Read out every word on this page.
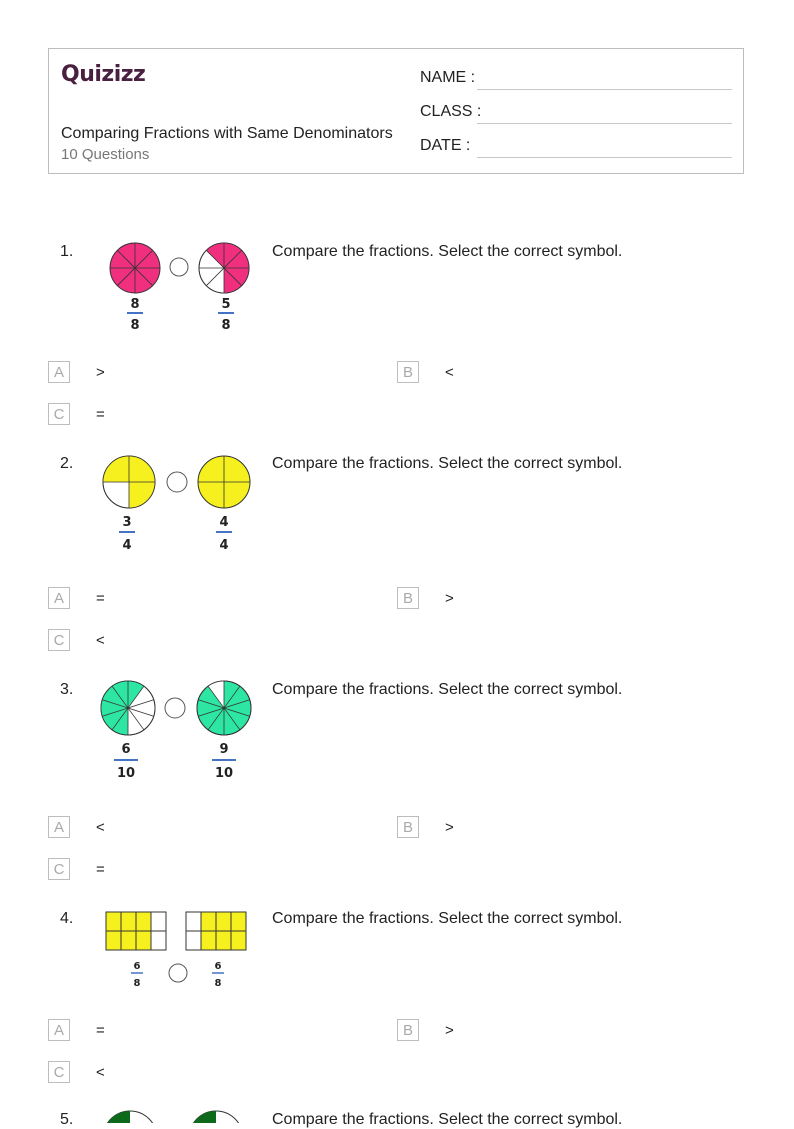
Quizizz
Comparing Fractions with Same Denominators
10 Questions
NAME :
CLASS :
DATE :
1.
8
8
5
8
Compare the fractions. Select the correct symbol.
A	>	B	<
C	=
2.
3
4
4
4
Compare the fractions. Select the correct symbol.
A	=	B	>
C	<
3.
6
10
9
10
Compare the fractions. Select the correct symbol.
A	<	B	>
C	=
4.
6
8
6
8
Compare the fractions. Select the correct symbol.
A	=	B	>
C	<
5.	Compare the fractions. Select the correct symbol.
